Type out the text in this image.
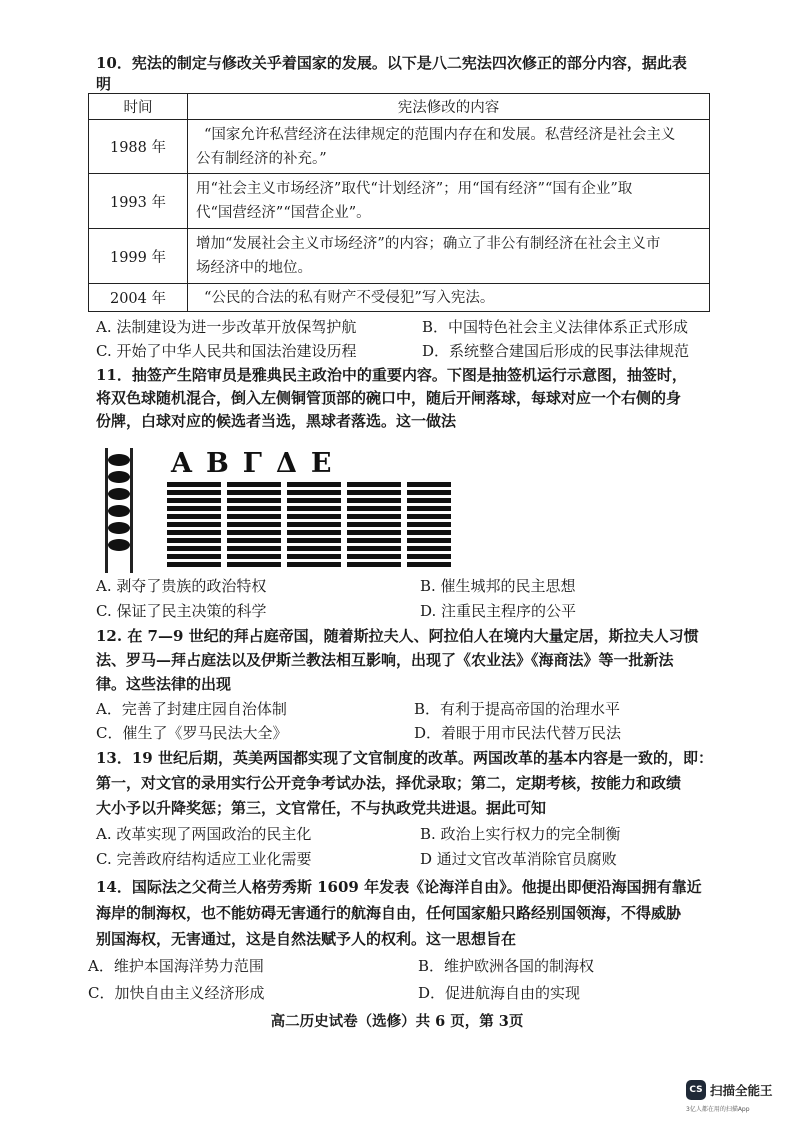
10．宪法的制定与修改关乎着国家的发展。以下是八二宪法四次修正的部分内容，据此表
明
时间	宪法修改的内容
1988 年	“国家允许私营经济在法律规定的范围内存在和发展。私营经济是社会主义
公有制经济的补充。”

1993 年	用“社会主义市场经济”取代“计划经济”；用“国有经济”“国有企业”取
代“国营经济”“国营企业”。

1999 年	增加“发展社会主义市场经济”的内容；确立了非公有制经济在社会主义市
场经济中的地位。

2004 年	“公民的合法的私有财产不受侵犯”写入宪法。
A. 法制建设为进一步改革开放保驾护航	B．中国特色社会主义法律体系正式形成
C. 开始了中华人民共和国法治建设历程	D．系统整合建国后形成的民事法律规范
11．抽签产生陪审员是雅典民主政治中的重要内容。下图是抽签机运行示意图，抽签时，
将双色球随机混合，倒入左侧铜管顶部的碗口中，随后开闸落球，每球对应一个右侧的身
份牌，白球对应的候选者当选，黑球者落选。这一做法
ΑΒΓΔΕ
A. 剥夺了贵族的政治特权	B. 催生城邦的民主思想
C. 保证了民主决策的科学	D. 注重民主程序的公平
12. 在 7—9 世纪的拜占庭帝国，随着斯拉夫人、阿拉伯人在境内大量定居，斯拉夫人习惯
法、罗马—拜占庭法以及伊斯兰教法相互影响，出现了《农业法》《海商法》等一批新法
律。这些法律的出现
A．完善了封建庄园自治体制	B．有利于提高帝国的治理水平
C．催生了《罗马民法大全》	D．着眼于用市民法代替万民法
13．19 世纪后期，英美两国都实现了文官制度的改革。两国改革的基本内容是一致的，即：
第一，对文官的录用实行公开竞争考试办法，择优录取；第二，定期考核，按能力和政绩
大小予以升降奖惩；第三，文官常任，不与执政党共进退。据此可知
A. 改革实现了两国政治的民主化	B. 政治上实行权力的完全制衡
C. 完善政府结构适应工业化需要	D 通过文官改革消除官员腐败
14．国际法之父荷兰人格劳秀斯 1609 年发表《论海洋自由》。他提出即便沿海国拥有靠近
海岸的制海权，也不能妨碍无害通行的航海自由，任何国家船只路经别国领海，不得威胁
别国海权，无害通过，这是自然法赋予人的权利。这一思想旨在
A．维护本国海洋势力范围	B．维护欧洲各国的制海权
C．加快自由主义经济形成	D．促进航海自由的实现
高二历史试卷（选修）共 6 页，第 3页
CS 扫描全能王
3亿人都在用的扫描App
